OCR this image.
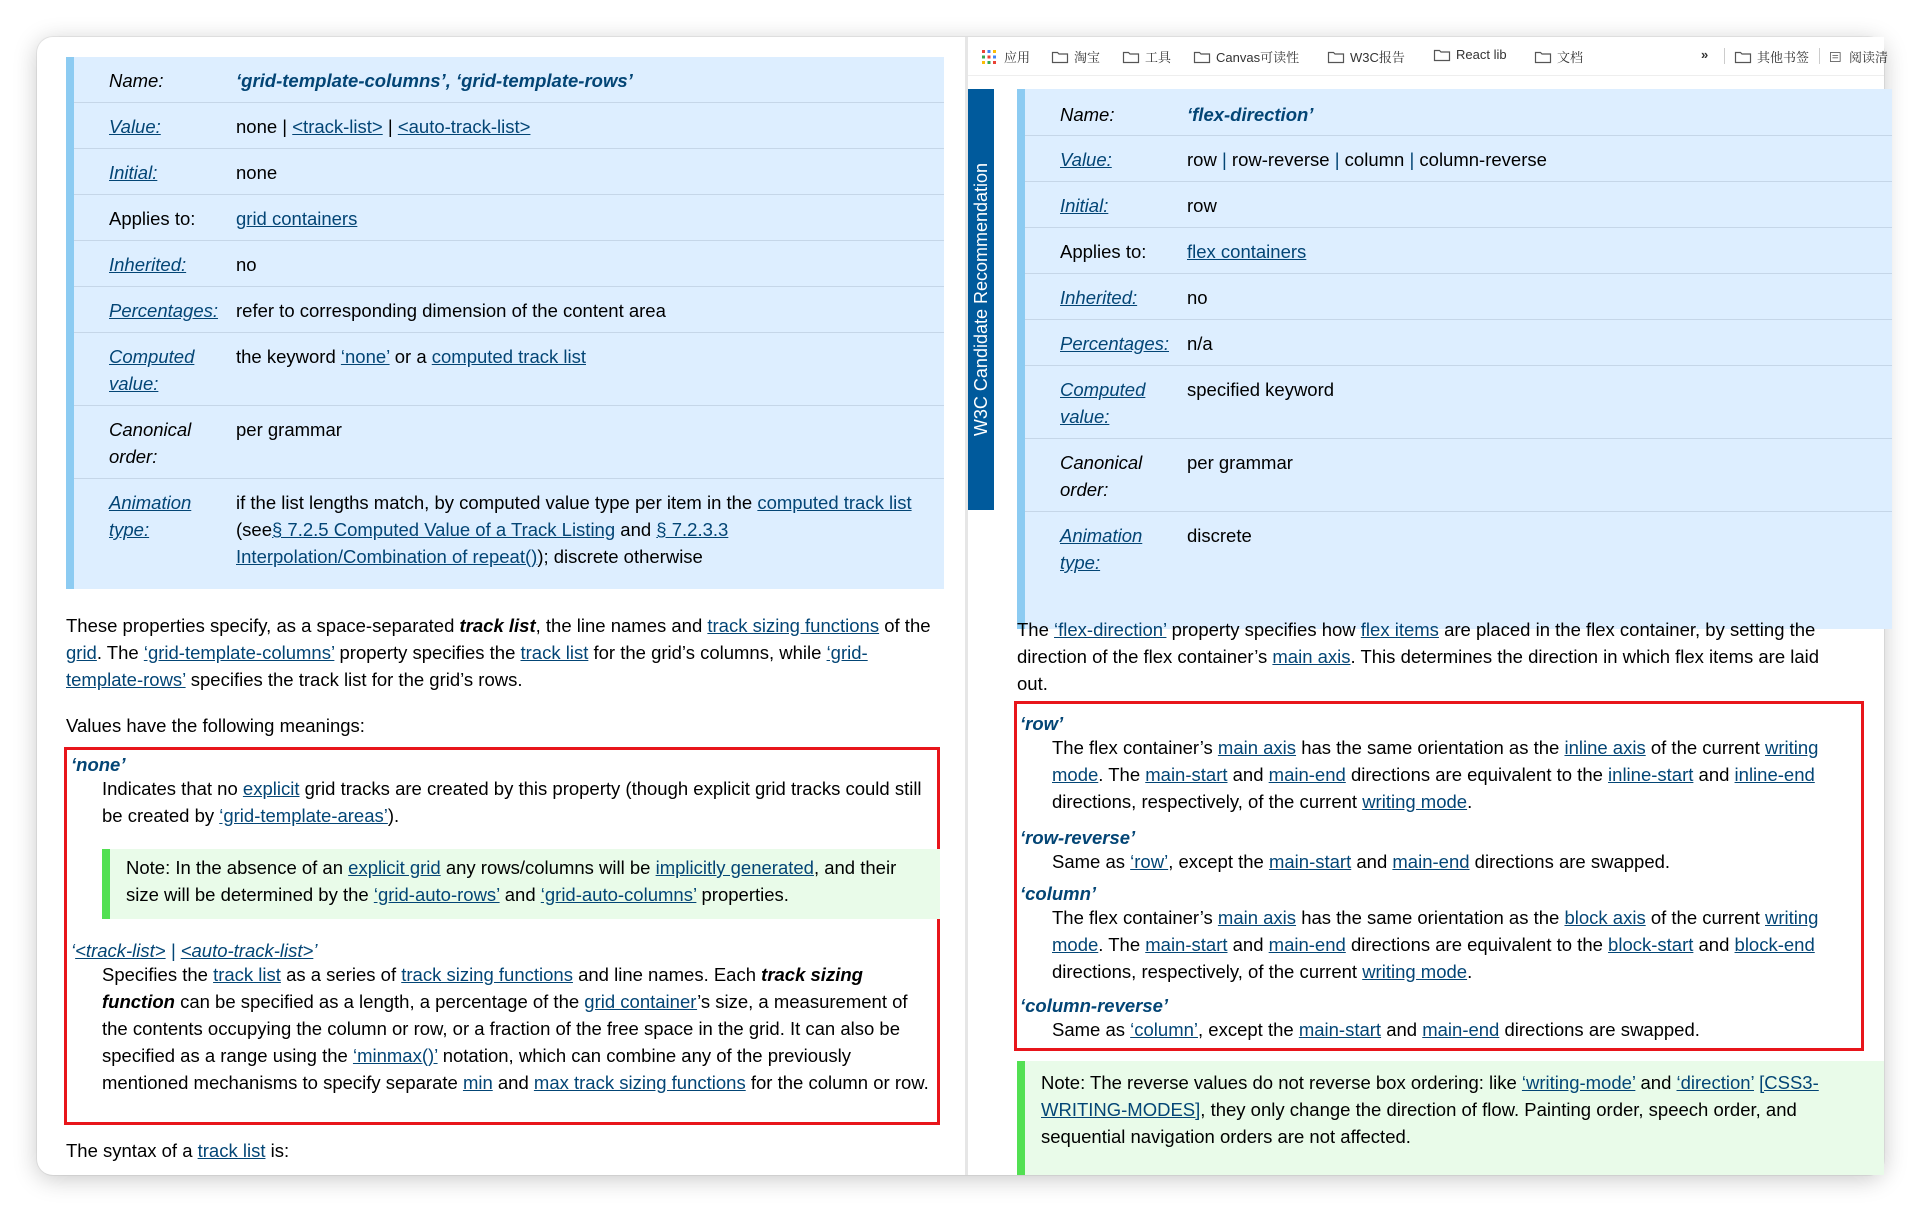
Name:	‘grid-template-columns’, ‘grid-template-rows’
Value:	none | <track-list> | <auto-track-list>
Initial:	none
Applies to:	grid containers
Inherited:	no
Percentages: refer to corresponding dimension of the content area
Computed value:
the keyword ‘none’ or a computed track list
Canonical order:
per grammar
Animation type:
if the list lengths match, by computed value type per item in the computed track list (see§ 7.2.5 Computed Value of a Track Listing and § 7.2.3.3 Interpolation/Combination of repeat()); discrete otherwise

These properties specify, as a space-separated track list, the line names and track sizing functions of the grid. The ‘grid-template-columns’ property specifies the track list for the grid’s columns, while ‘grid-template-rows’ specifies the track list for the grid’s rows.

Values have the following meanings:
‘none’
Indicates that no explicit grid tracks are created by this property (though explicit grid tracks could still be created by ‘grid-template-areas’).
Note: In the absence of an explicit grid any rows/columns will be implicitly generated, and their size will be determined by the ‘grid-auto-rows’ and ‘grid-auto-columns’ properties.
‘<track-list> | <auto-track-list>’
Specifies the track list as a series of track sizing functions and line names. Each track sizing function can be specified as a length, a percentage of the grid container’s size, a measurement of the contents occupying the column or row, or a fraction of the free space in the grid. It can also be specified as a range using the ‘minmax()’ notation, which can combine any of the previously mentioned mechanisms to specify separate min and max track sizing functions for the column or row.
The syntax of a track list is:
应用	淘宝	工具	Canvas可读性	W3C报告	React lib	文档	»	其他书签	阅读清
W3C Candidate Recommendation
Name:	‘flex-direction’
Value:	row | row-reverse | column | column-reverse
Initial:	row
Applies to:	flex containers
Inherited:	no
Percentages: n/a
Computed value:
specified keyword
Canonical order:
per grammar
Animation type:
discrete
The ‘flex-direction’ property specifies how flex items are placed in the flex container, by setting the direction of the flex container’s main axis. This determines the direction in which flex items are laid out.
‘row’
The flex container’s main axis has the same orientation as the inline axis of the current writing mode. The main-start and main-end directions are equivalent to the inline-start and inline-end directions, respectively, of the current writing mode.
‘row-reverse’
Same as ‘row’, except the main-start and main-end directions are swapped.
‘column’
The flex container’s main axis has the same orientation as the block axis of the current writing mode. The main-start and main-end directions are equivalent to the block-start and block-end directions, respectively, of the current writing mode.
‘column-reverse’
Same as ‘column’, except the main-start and main-end directions are swapped.
Note: The reverse values do not reverse box ordering: like ‘writing-mode’ and ‘direction’ [CSS3-WRITING-MODES], they only change the direction of flow. Painting order, speech order, and sequential navigation orders are not affected.
